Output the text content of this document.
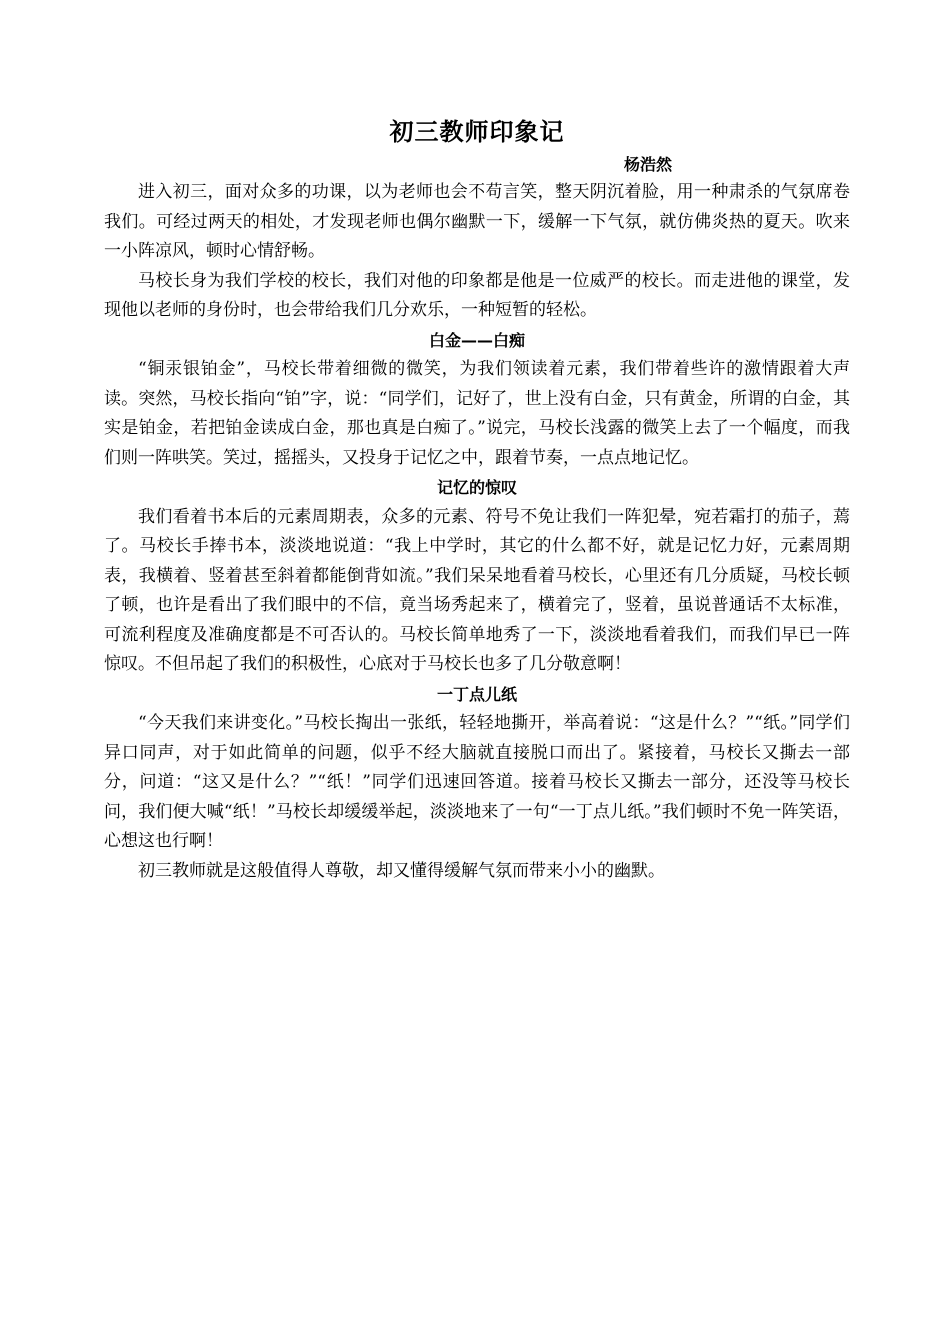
初三教师印象记

杨浩然

进入初三，面对众多的功课，以为老师也会不苟言笑，整天阴沉着脸，用一种肃杀的气氛席卷我们。可经过两天的相处，才发现老师也偶尔幽默一下，缓解一下气氛，就仿佛炎热的夏天。吹来一小阵凉风，顿时心情舒畅。

马校长身为我们学校的校长，我们对他的印象都是他是一位威严的校长。而走进他的课堂，发现他以老师的身份时，也会带给我们几分欢乐，一种短暂的轻松。

白金——白痴

“铜汞银铂金”，马校长带着细微的微笑，为我们领读着元素，我们带着些许的激情跟着大声读。突然，马校长指向“铂”字，说：“同学们，记好了，世上没有白金，只有黄金，所谓的白金，其实是铂金，若把铂金读成白金，那也真是白痴了。”说完，马校长浅露的微笑上去了一个幅度，而我们则一阵哄笑。笑过，摇摇头，又投身于记忆之中，跟着节奏，一点点地记忆。

记忆的惊叹

我们看着书本后的元素周期表，众多的元素、符号不免让我们一阵犯晕，宛若霜打的茄子，蔫了。马校长手捧书本，淡淡地说道：“我上中学时，其它的什么都不好，就是记忆力好，元素周期表，我横着、竖着甚至斜着都能倒背如流。”我们呆呆地看着马校长，心里还有几分质疑，马校长顿了顿，也许是看出了我们眼中的不信，竟当场秀起来了，横着完了，竖着，虽说普通话不太标准，可流利程度及准确度都是不可否认的。马校长简单地秀了一下，淡淡地看着我们，而我们早已一阵惊叹。不但吊起了我们的积极性，心底对于马校长也多了几分敬意啊！

一丁点儿纸

“今天我们来讲变化。”马校长掏出一张纸，轻轻地撕开，举高着说：“这是什么？”“纸。”同学们异口同声，对于如此简单的问题，似乎不经大脑就直接脱口而出了。紧接着，马校长又撕去一部分，问道：“这又是什么？”“纸！”同学们迅速回答道。接着马校长又撕去一部分，还没等马校长问，我们便大喊“纸！”马校长却缓缓举起，淡淡地来了一句“一丁点儿纸。”我们顿时不免一阵笑语，心想这也行啊！

初三教师就是这般值得人尊敬，却又懂得缓解气氛而带来小小的幽默。
